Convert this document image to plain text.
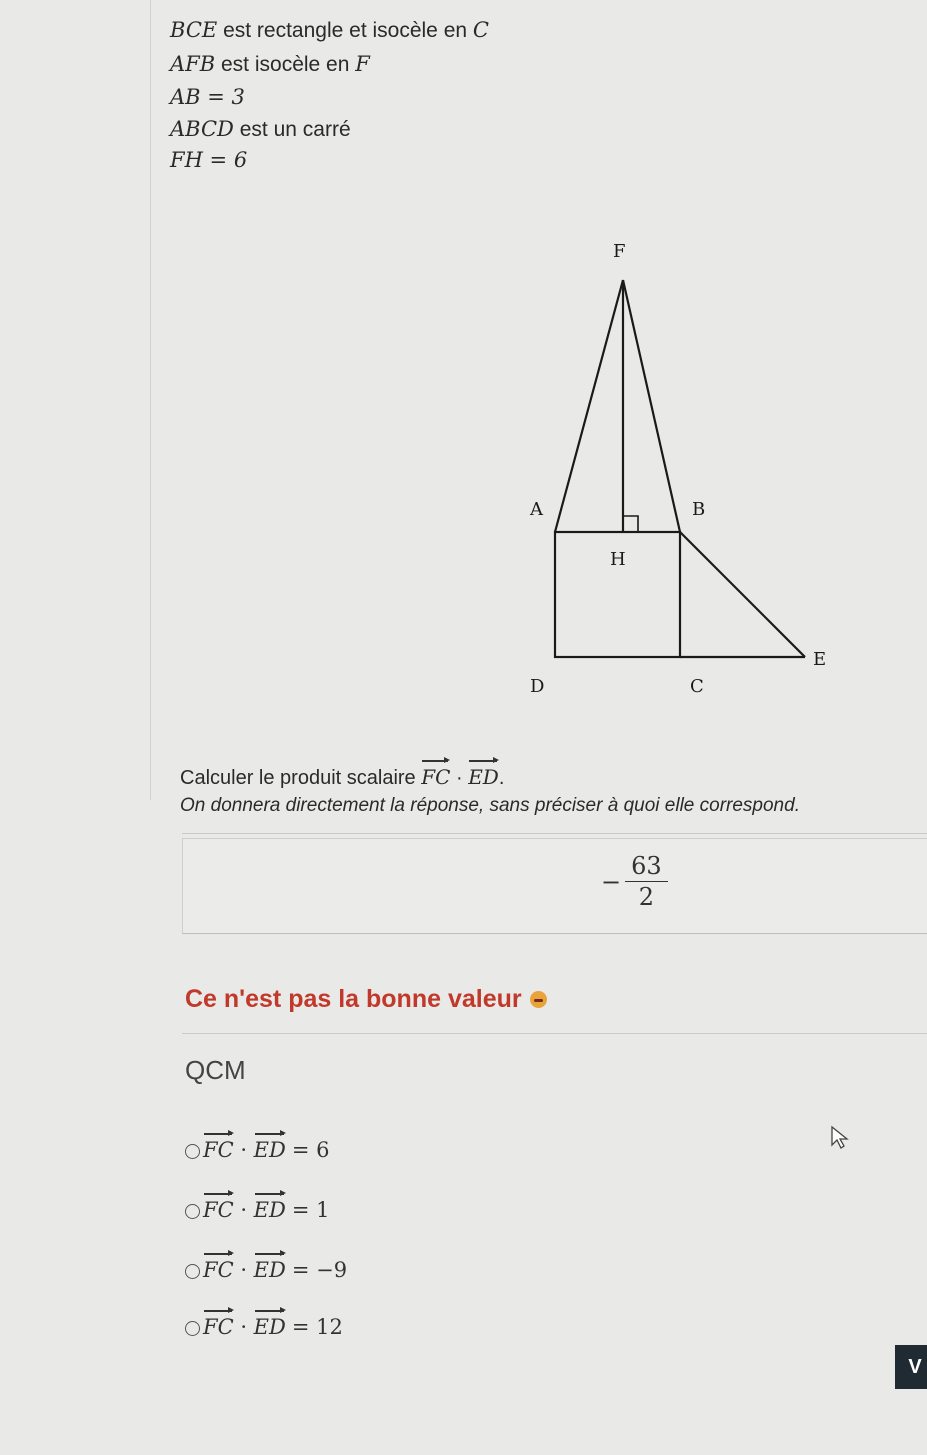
BCE est rectangle et isocèle en C
AFB est isocèle en F
AB = 3
ABCD est un carré
FH = 6
F
A	B
H
E
D	C
Calculer le produit scalaire FC · ED.
On donnera directement la réponse, sans préciser à quoi elle correspond.
− $\frac{63}{2}$
Ce n'est pas la bonne valeur
QCM
FC · ED = 6
FC · ED = 1
FC · ED = −9
FC · ED = 12
V
